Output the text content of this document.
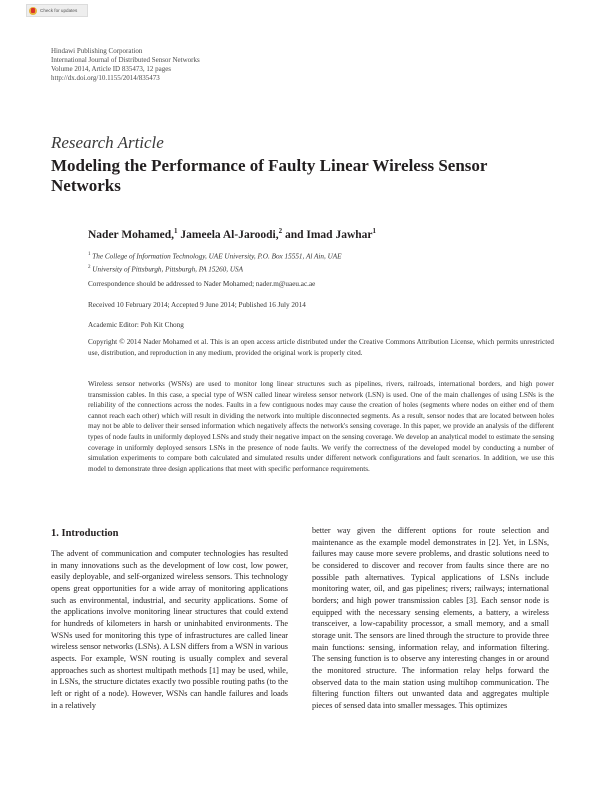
Check for updates
Hindawi Publishing Corporation
International Journal of Distributed Sensor Networks
Volume 2014, Article ID 835473, 12 pages
http://dx.doi.org/10.1155/2014/835473
Research Article
Modeling the Performance of Faulty Linear Wireless Sensor Networks
Nader Mohamed,$^1$ Jameela Al-Jaroodi,$^2$ and Imad Jawhar$^1$
$^1$ The College of Information Technology, UAE University, P.O. Box 15551, Al Ain, UAE
$^2$ University of Pittsburgh, Pittsburgh, PA 15260, USA
Correspondence should be addressed to Nader Mohamed; nader.m@uaeu.ac.ae
Received 10 February 2014; Accepted 9 June 2014; Published 16 July 2014
Academic Editor: Poh Kit Chong
Copyright © 2014 Nader Mohamed et al. This is an open access article distributed under the Creative Commons Attribution License, which permits unrestricted use, distribution, and reproduction in any medium, provided the original work is properly cited.
Wireless sensor networks (WSNs) are used to monitor long linear structures such as pipelines, rivers, railroads, international borders, and high power transmission cables. In this case, a special type of WSN called linear wireless sensor network (LSN) is used. One of the main challenges of using LSNs is the reliability of the connections across the nodes. Faults in a few contiguous nodes may cause the creation of holes (segments where nodes on either end of them cannot reach each other) which will result in dividing the network into multiple disconnected segments. As a result, sensor nodes that are located between holes may not be able to deliver their sensed information which negatively affects the network's sensing coverage. In this paper, we provide an analysis of the different types of node faults in uniformly deployed LSNs and study their negative impact on the sensing coverage. We develop an analytical model to estimate the sensing coverage in uniformly deployed sensors LSNs in the presence of node faults. We verify the correctness of the developed model by conducting a number of simulation experiments to compare both calculated and simulated results under different network configurations and fault scenarios. In addition, we use this model to demonstrate three design applications that meet with specific performance requirements.
1. Introduction
The advent of communication and computer technologies has resulted in many innovations such as the development of low cost, low power, easily deployable, and self-organized wireless sensors. This technology opens great opportunities for a wide array of monitoring applications such as environmental, industrial, and security applications. Some of the applications involve monitoring linear structures that could extend for hundreds of kilometers in harsh or uninhabited environments. The WSNs used for monitoring this type of infrastructures are called linear wireless sensor networks (LSNs). A LSN differs from a WSN in various aspects. For example, WSN routing is usually complex and several approaches such as shortest multipath methods [1] may be used, while, in LSNs, the structure dictates exactly two possible routing paths (to the left or right of a node). However, WSNs can handle failures and loads in a relatively
better way given the different options for route selection and maintenance as the example model demonstrates in [2]. Yet, in LSNs, failures may cause more severe problems, and drastic solutions need to be considered to discover and recover from faults since there are no possible path alternatives. Typical applications of LSNs include monitoring water, oil, and gas pipelines; rivers; railways; international borders; and high power transmission cables [3]. Each sensor node is equipped with the necessary sensing elements, a battery, a wireless transceiver, a low-capability processor, a small memory, and a small storage unit. The sensors are lined through the structure to provide three main functions: sensing, information relay, and information filtering. The sensing function is to observe any interesting changes in or around the monitored structure. The information relay helps forward the observed data to the main station using multihop communication. The filtering function filters out unwanted data and aggregates multiple pieces of sensed data into smaller messages. This optimizes
